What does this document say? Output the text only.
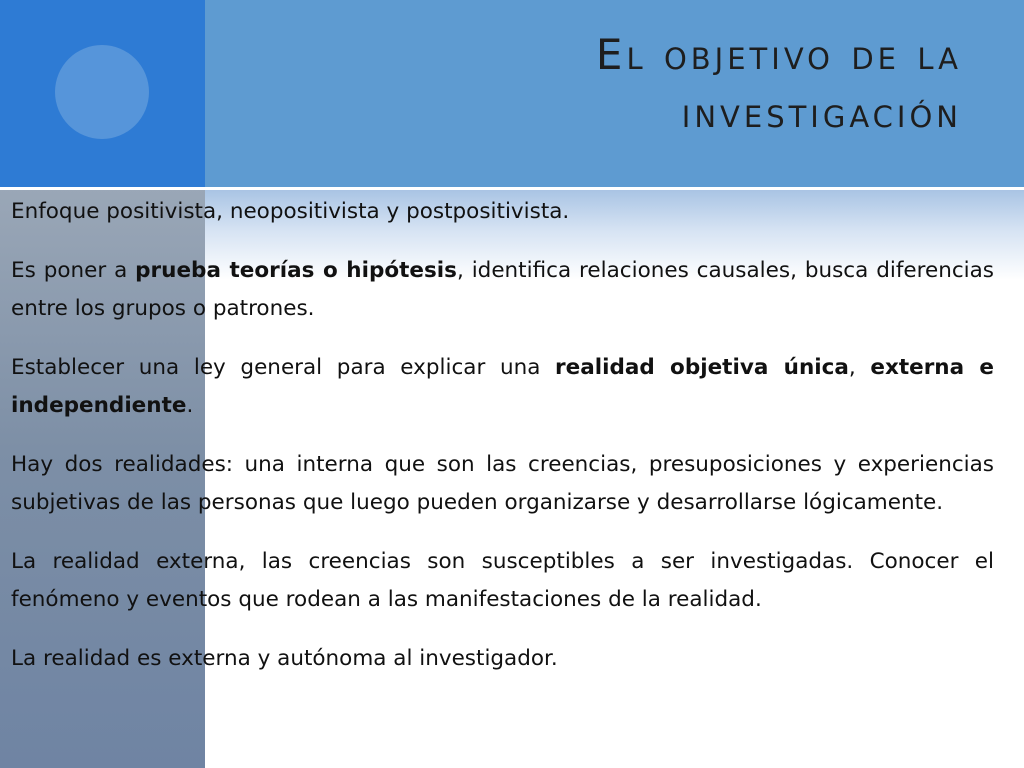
El objetivo de la investigación

Enfoque positivista, neopositivista y postpositivista.

Es poner a prueba teorías o hipótesis, identifica relaciones causales, busca diferencias entre los grupos o patrones.

Establecer una ley general para explicar una realidad objetiva única, externa e independiente.

Hay dos realidades: una interna que son las creencias, presuposiciones y experiencias subjetivas de las personas que luego pueden organizarse y desarrollarse lógicamente.

La realidad externa, las creencias son susceptibles a ser investigadas. Conocer el fenómeno y eventos que rodean a las manifestaciones de la realidad.

La realidad es externa y autónoma al investigador.
